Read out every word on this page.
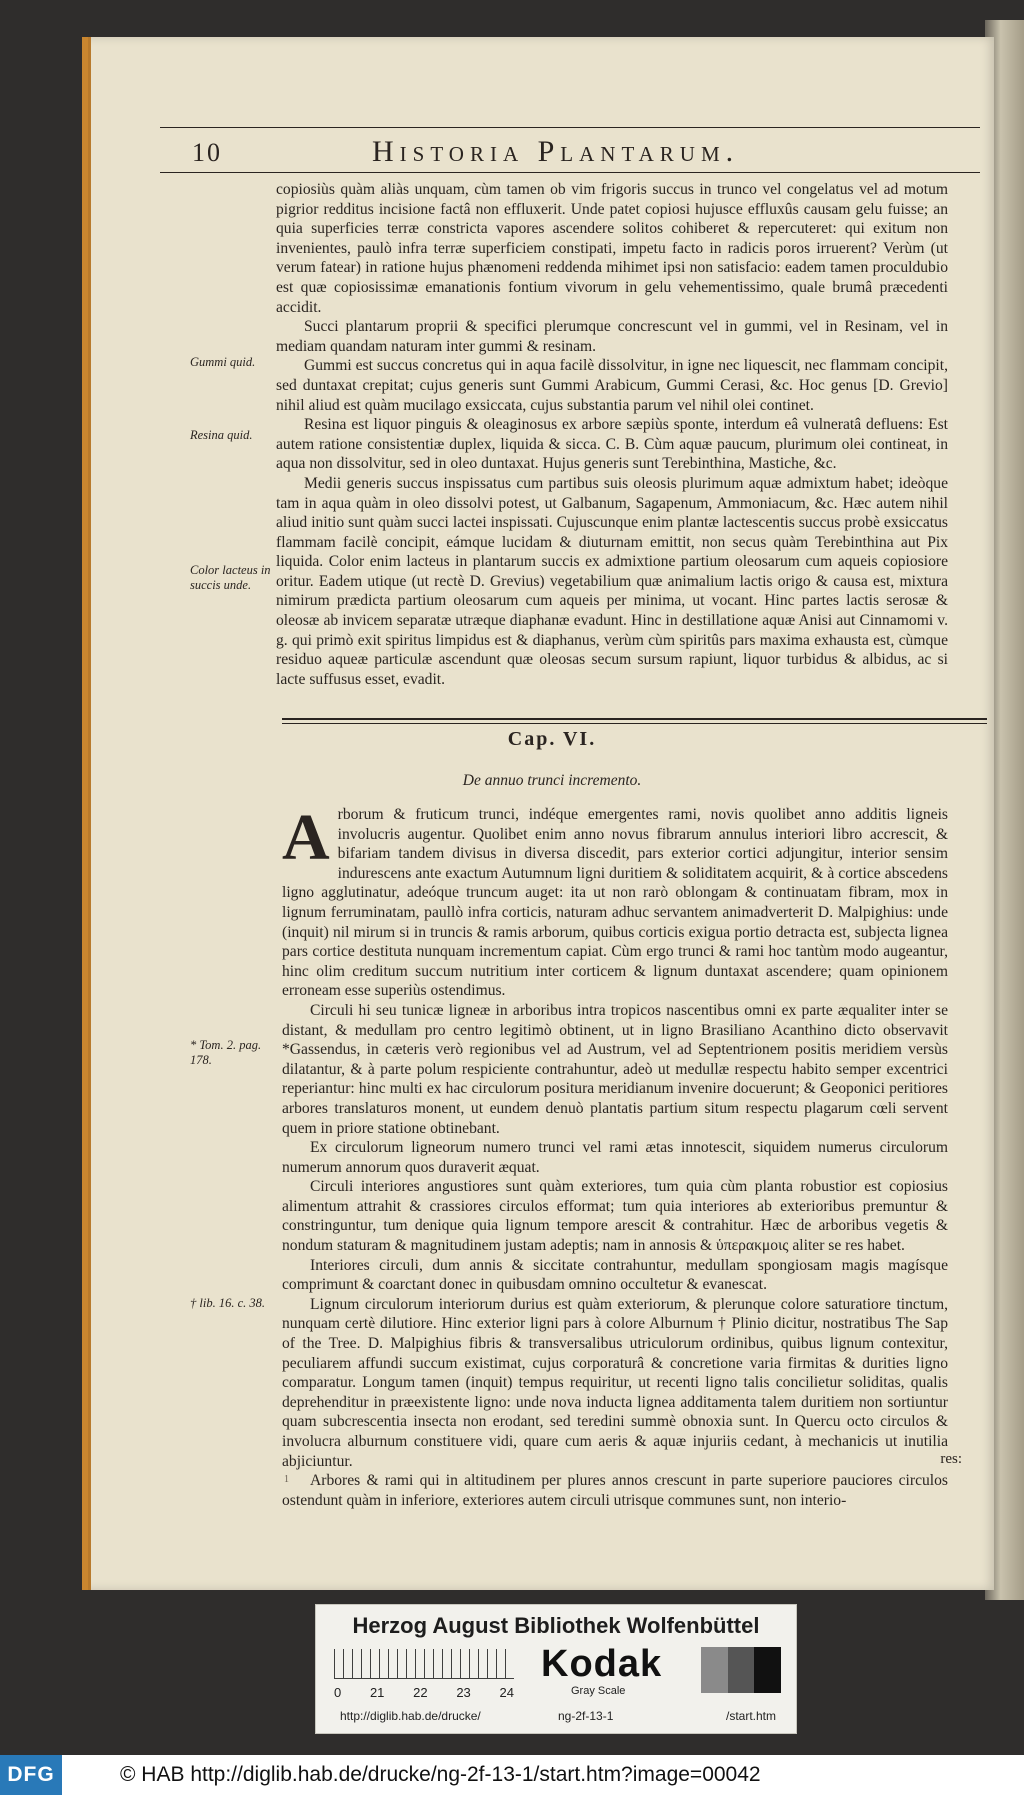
10	Historia Plantarum.

copiosiùs quàm aliàs unquam, cùm tamen ob vim frigoris succus in trunco vel congelatus vel ad motum pigrior redditus incisione factâ non effluxerit. Unde patet copiosi hujusce effluxûs causam gelu fuisse; an quia superficies terræ constricta vapores ascendere solitos cohiberet & repercuteret: qui exitum non invenientes, paulò infra terræ superficiem constipati, impetu facto in radicis poros irruerent? Verùm (ut verum fatear) in ratione hujus phænomeni reddenda mihimet ipsi non satisfacio: eadem tamen proculdubio est quæ copiosissimæ emanationis fontium vivorum in gelu vehementissimo, quale brumâ præcedenti accidit.

Succi plantarum proprii & specifici plerumque concrescunt vel in gummi, vel in Resinam, vel in mediam quandam naturam inter gummi & resinam.

Gummi est succus concretus qui in aqua facilè dissolvitur, in igne nec liquescit, nec flammam concipit, sed duntaxat crepitat; cujus generis sunt Gummi Arabicum, Gummi Cerasi, &c. Hoc genus [D. Grevio] nihil aliud est quàm mucilago exsiccata, cujus substantia parum vel nihil olei continet.

Resina est liquor pinguis & oleaginosus ex arbore sæpiùs sponte, interdum eâ vulneratâ defluens: Est autem ratione consistentiæ duplex, liquida & sicca. C. B. Cùm aquæ paucum, plurimum olei contineat, in aqua non dissolvitur, sed in oleo duntaxat. Hujus generis sunt Terebinthina, Mastiche, &c.

Medii generis succus inspissatus cum partibus suis oleosis plurimum aquæ admixtum habet; ideòque tam in aqua quàm in oleo dissolvi potest, ut Galbanum, Sagapenum, Ammoniacum, &c. Hæc autem nihil aliud initio sunt quàm succi lactei inspissati. Cujuscunque enim plantæ lactescentis succus probè exsiccatus flammam facilè concipit, eámque lucidam & diuturnam emittit, non secus quàm Terebinthina aut Pix liquida. Color enim lacteus in plantarum succis ex admixtione partium oleosarum cum aqueis copiosiore oritur. Eadem utique (ut rectè D. Grevius) vegetabilium quæ animalium lactis origo & causa est, mixtura nimirum prædicta partium oleosarum cum aqueis per minima, ut vocant. Hinc partes lactis serosæ & oleosæ ab invicem separatæ utræque diaphanæ evadunt. Hinc in destillatione aquæ Anisi aut Cinnamomi v. g. qui primò exit spiritus limpidus est & diaphanus, verùm cùm spiritûs pars maxima exhausta est, cùmque residuo aqueæ particulæ ascendunt quæ oleosas secum sursum rapiunt, liquor turbidus & albidus, ac si lacte suffusus esset, evadit.

Gummi quid.
Resina quid.
Color lacteus in succis unde.
Cap. VI.
De annuo trunci incremento.

Arborum & fruticum trunci, indéque emergentes rami, novis quolibet anno additis ligneis involucris augentur. Quolibet enim anno novus fibrarum annulus interiori libro accrescit, & bifariam tandem divisus in diversa discedit, pars exterior cortici adjungitur, interior sensim indurescens ante exactum Autumnum ligni duritiem & soliditatem acquirit, & à cortice abscedens ligno agglutinatur, adeóque truncum auget: ita ut non rarò oblongam & continuatam fibram, mox in lignum ferruminatam, paullò infra corticis, naturam adhuc servantem animadverterit D. Malpighius: unde (inquit) nil mirum si in truncis & ramis arborum, quibus corticis exigua portio detracta est, subjecta lignea pars cortice destituta nunquam incrementum capiat. Cùm ergo trunci & rami hoc tantùm modo augeantur, hinc olim creditum succum nutritium inter corticem & lignum duntaxat ascendere; quam opinionem erroneam esse superiùs ostendimus.

Circuli hi seu tunicæ ligneæ in arboribus intra tropicos nascentibus omni ex parte æqualiter inter se distant, & medullam pro centro legitimò obtinent, ut in ligno Brasiliano Acanthino dicto observavit *Gassendus, in cæteris verò regionibus vel ad Austrum, vel ad Septentrionem positis meridiem versùs dilatantur, & à parte polum respiciente contrahuntur, adeò ut medullæ respectu habito semper excentrici reperiantur: hinc multi ex hac circulorum positura meridianum invenire docuerunt; & Geoponici peritiores arbores translaturos monent, ut eundem denuò plantatis partium situm respectu plagarum cœli servent quem in priore statione obtinebant.

Ex circulorum ligneorum numero trunci vel rami ætas innotescit, siquidem numerus circulorum numerum annorum quos duraverit æquat.

Circuli interiores angustiores sunt quàm exteriores, tum quia cùm planta robustior est copiosius alimentum attrahit & crassiores circulos efformat; tum quia interiores ab exterioribus premuntur & constringuntur, tum denique quia lignum tempore arescit & contrahitur. Hæc de arboribus vegetis & nondum staturam & magnitudinem justam adeptis; nam in annosis & ὑπερακμοις aliter se res habet.

Interiores circuli, dum annis & siccitate contrahuntur, medullam spongiosam magis magísque comprimunt & coarctant donec in quibusdam omnino occultetur & evanescat.

Lignum circulorum interiorum durius est quàm exteriorum, & plerunque colore saturatiore tinctum, nunquam certè dilutiore. Hinc exterior ligni pars à colore Alburnum † Plinio dicitur, nostratibus The Sap of the Tree. D. Malpighius fibris & transversalibus utriculorum ordinibus, quibus lignum contexitur, peculiarem affundi succum existimat, cujus corporaturâ & concretione varia firmitas & durities ligno comparatur. Longum tamen (inquit) tempus requiritur, ut recenti ligno talis concilietur soliditas, qualis deprehenditur in præexistente ligno: unde nova inducta lignea additamenta talem duritiem non sortiuntur quam subcrescentia insecta non erodant, sed teredini summè obnoxia sunt. In Quercu octo circulos & involucra alburnum constituere vidi, quare cum aeris & aquæ injuriis cedant, à mechanicis ut inutilia abjiciuntur.

Arbores & rami qui in altitudinem per plures annos crescunt in parte superiore pauciores circulos ostendunt quàm in inferiore, exteriores autem circuli utrisque communes sunt, non interio-

* Tom. 2. pag. 178.
† lib. 16. c. 38.
res:
1
Herzog August Bibliothek Wolfenbüttel
0 21 22 23 24
Kodak
Gray Scale
http://diglib.hab.de/drucke/	ng-2f-13-1	/start.htm
DFG	© HAB http://diglib.hab.de/drucke/ng-2f-13-1/start.htm?image=00042
